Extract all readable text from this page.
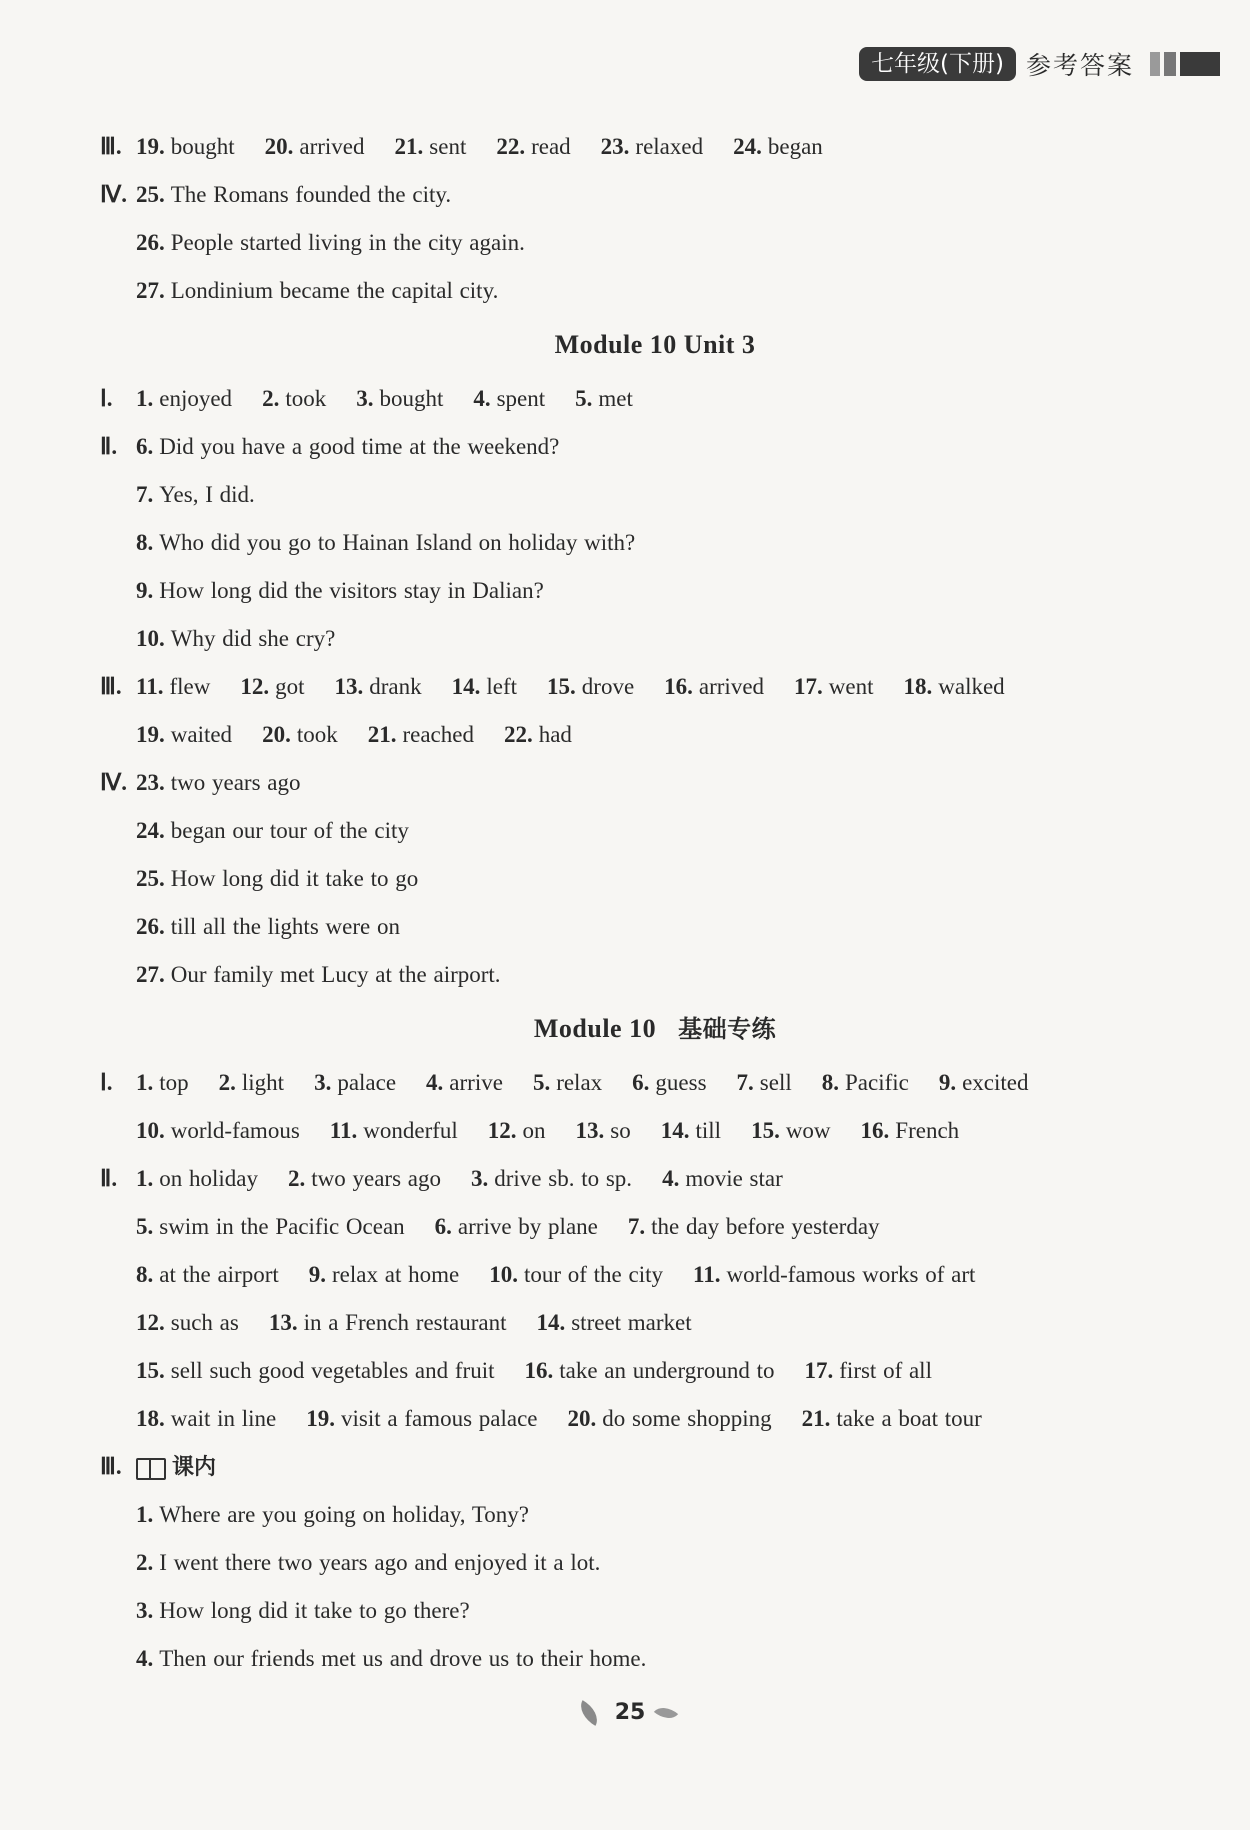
七年级(下册) 参考答案
Ⅲ. 19. bought 20. arrived 21. sent 22. read 23. relaxed 24. began
Ⅳ. 25. The Romans founded the city.
26. People started living in the city again.
27. Londinium became the capital city.
Module 10 Unit 3
Ⅰ.	1. enjoyed 2. took 3. bought 4. spent 5. met
Ⅱ. 6. Did you have a good time at the weekend?
7. Yes, I did.
8. Who did you go to Hainan Island on holiday with?
9. How long did the visitors stay in Dalian?
10. Why did she cry?
Ⅲ. 11. flew 12. got 13. drank 14. left 15. drove 16. arrived 17. went 18. walked
19. waited 20. took 21. reached 22. had
Ⅳ. 23. two years ago
24. began our tour of the city
25. How long did it take to go
26. till all the lights were on
27. Our family met Lucy at the airport.
Module 10 基础专练
Ⅰ.	1. top 2. light 3. palace 4. arrive 5. relax 6. guess 7. sell 8. Pacific 9. excited
10. world-famous 11. wonderful 12. on 13. so 14. till 15. wow 16. French
Ⅱ. 1. on holiday 2. two years ago 3. drive sb. to sp. 4. movie star
5. swim in the Pacific Ocean 6. arrive by plane 7. the day before yesterday
8. at the airport 9. relax at home 10. tour of the city 11. world-famous works of art
12. such as 13. in a French restaurant 14. street market
15. sell such good vegetables and fruit 16. take an underground to 17. first of all
18. wait in line 19. visit a famous palace 20. do some shopping 21. take a boat tour
Ⅲ.	课内
1. Where are you going on holiday, Tony?
2. I went there two years ago and enjoyed it a lot.
3. How long did it take to go there?
4. Then our friends met us and drove us to their home.
25
